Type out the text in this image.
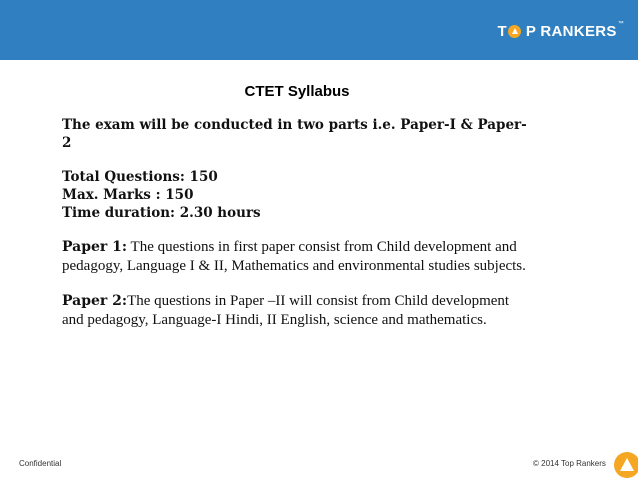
T P RANKERS ™
CTET Syllabus

The exam will be conducted in two parts i.e. Paper-I & Paper-2

Total Questions: 150

Max. Marks : 150

Time duration: 2.30 hours

Paper 1: The questions in first paper consist from Child development and pedagogy, Language I & II, Mathematics and environmental studies subjects.

Paper 2:The questions in Paper –II will consist from Child development and pedagogy, Language-I Hindi, II English, science and mathematics.

Confidential	© 2014 Top Rankers
